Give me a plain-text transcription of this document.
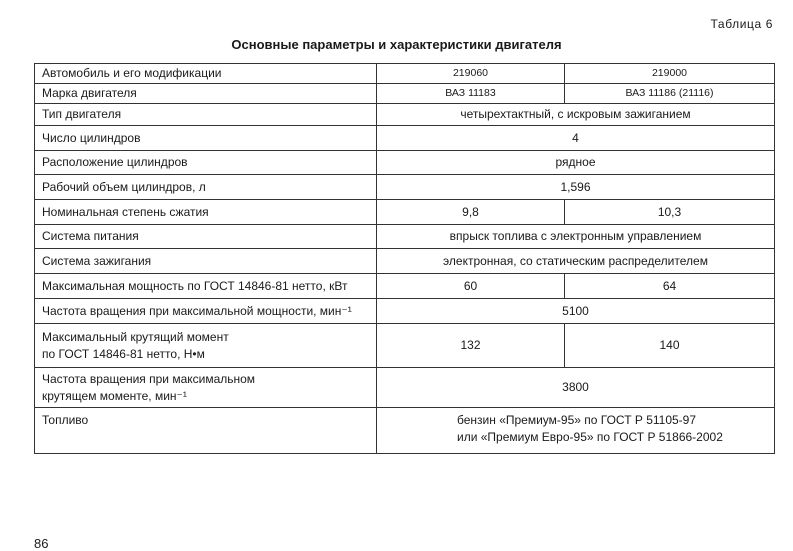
Таблица 6
Основные параметры и характеристики двигателя
Автомобиль и его модификации	219060	219000
Марка двигателя	ВАЗ 11183	ВАЗ 11186 (21116)
Тип двигателя	четырехтактный, с искровым зажиганием	
Число цилиндров	4	
Расположение цилиндров	рядное	
Рабочий объем цилиндров, л	1,596	
Номинальная степень сжатия	9,8	10,3
Система питания	впрыск топлива с электронным управлением	
Система зажигания	электронная, со статическим распределителем	
Максимальная мощность по ГОСТ 14846-81 нетто, кВт	60	64
Частота вращения при максимальной мощности, мин⁻¹	5100	

Максимальный крутящий момент
по ГОСТ 14846-81 нетто, Н•м	132	140

Частота вращения при максимальном
крутящем моменте, мин⁻¹	3800	
Топливо	бензин «Премиум-95» по ГОСТ Р 51105-97
или «Премиум Евро-95» по ГОСТ Р 51866-2002	
86
